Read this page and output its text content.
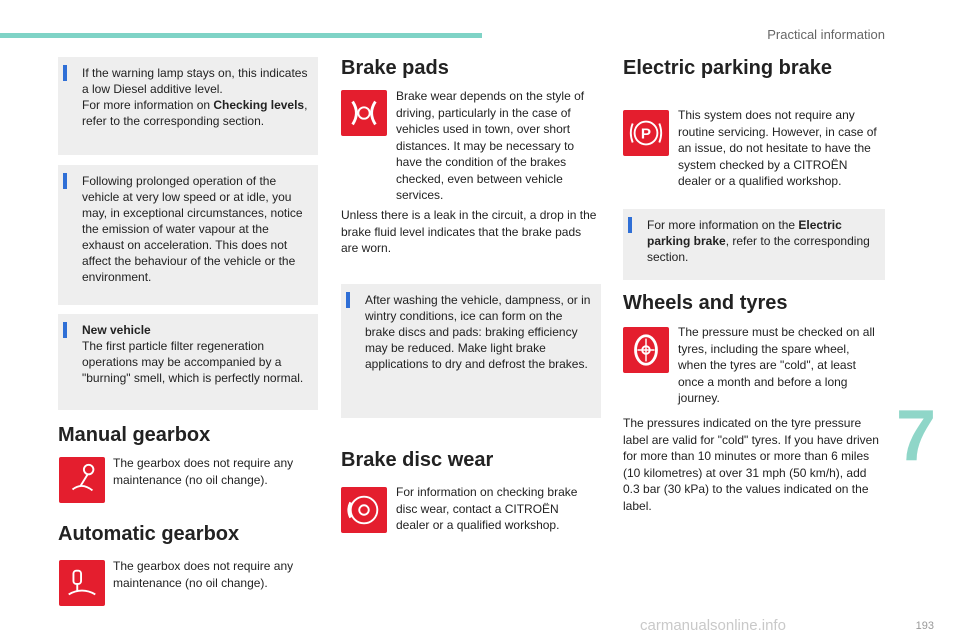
Practical information
7
193

If the warning lamp stays on, this indicates a low Diesel additive level.

For more information on Checking levels, refer to the corresponding section.

Following prolonged operation of the vehicle at very low speed or at idle, you may, in exceptional circumstances, notice the emission of water vapour at the exhaust on acceleration. This does not affect the behaviour of the vehicle or the environment.

New vehicle

The first particle filter regeneration operations may be accompanied by a "burning" smell, which is perfectly normal.

Manual gearbox

The gearbox does not require any maintenance (no oil change).

Automatic gearbox

The gearbox does not require any maintenance (no oil change).

Brake pads

Brake wear depends on the style of driving, particularly in the case of vehicles used in town, over short distances. It may be necessary to have the condition of the brakes checked, even between vehicle services.

Unless there is a leak in the circuit, a drop in the brake fluid level indicates that the brake pads are worn.

After washing the vehicle, dampness, or in wintry conditions, ice can form on the brake discs and pads: braking efficiency may be reduced. Make light brake applications to dry and defrost the brakes.

Brake disc wear

For information on checking brake disc wear, contact a CITROËN dealer or a qualified workshop.

Electric parking brake
P

This system does not require any routine servicing. However, in case of an issue, do not hesitate to have the system checked by a CITROËN dealer or a qualified workshop.

For more information on the Electric parking brake, refer to the corresponding section.

Wheels and tyres

The pressure must be checked on all tyres, including the spare wheel, when the tyres are "cold", at least once a month and before a long journey.

The pressures indicated on the tyre pressure label are valid for "cold" tyres. If you have driven for more than 10 minutes or more than 6 miles (10 kilometres) at over 31 mph (50 km/h), add 0.3 bar (30 kPa) to the values indicated on the label.

carmanualsonline.info
